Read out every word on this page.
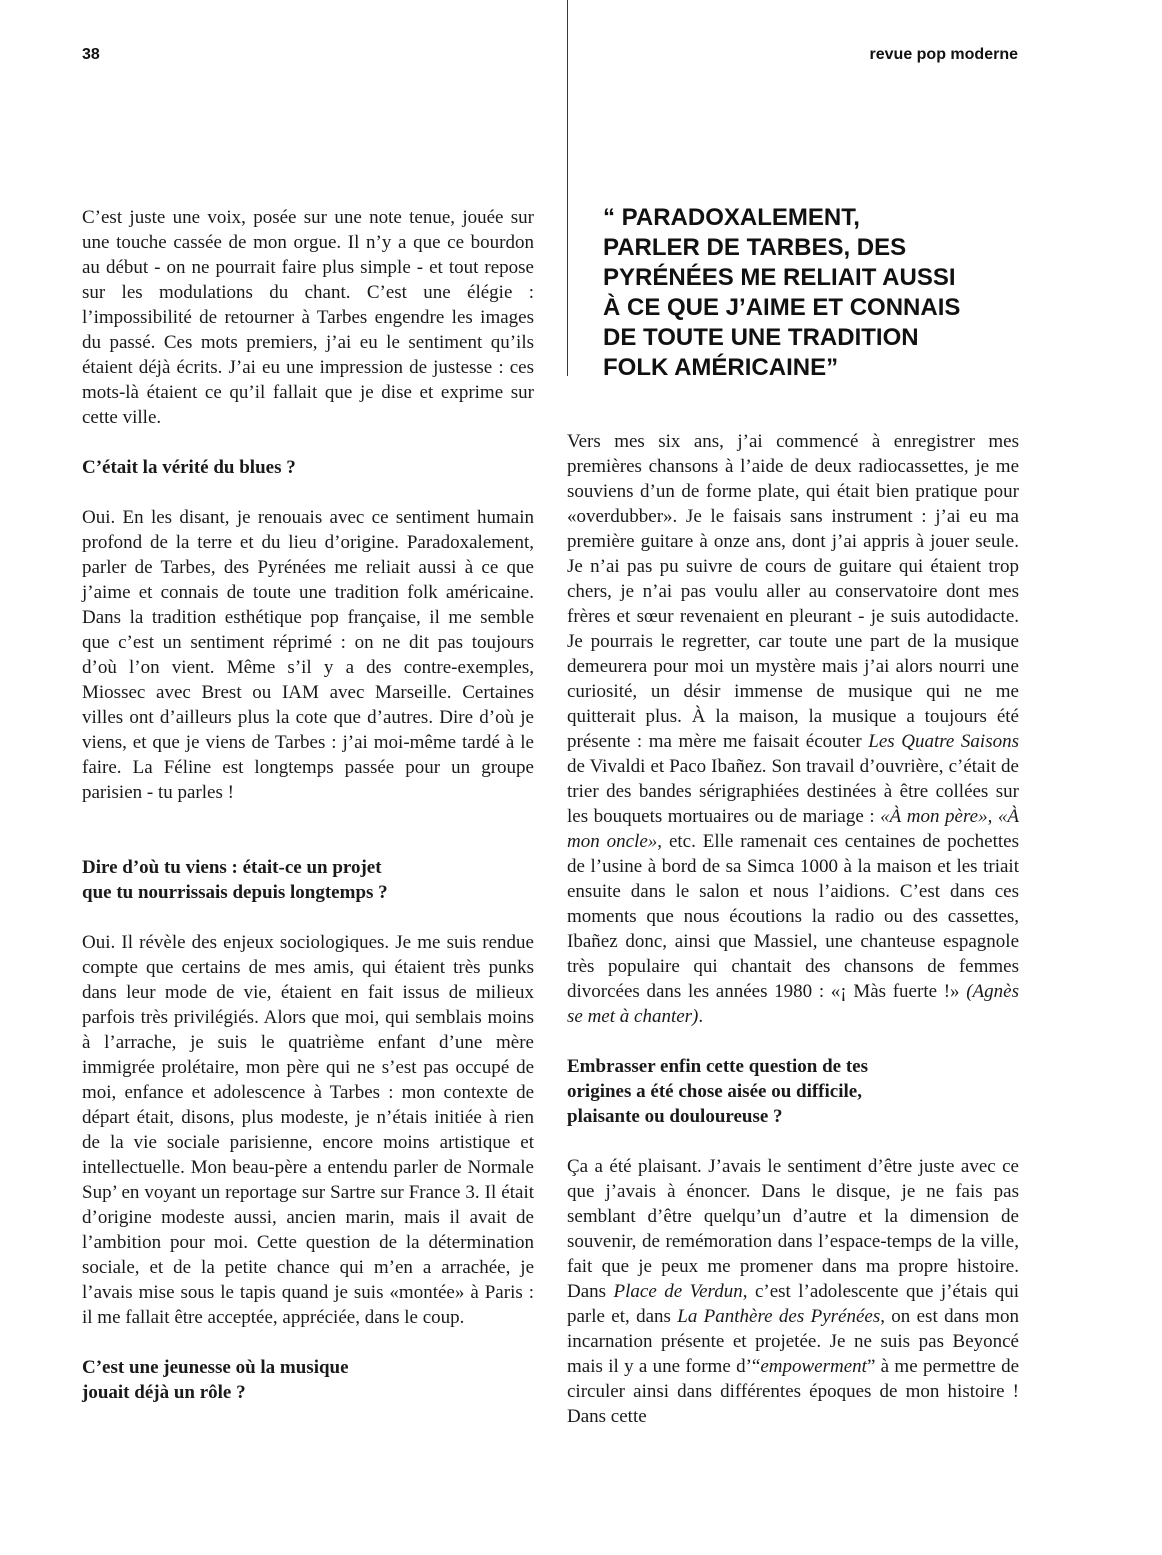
38	revue pop moderne

C’est juste une voix, posée sur une note tenue, jouée sur une touche cassée de mon orgue. Il n’y a que ce bourdon au début - on ne pourrait faire plus simple - et tout repose sur les modulations du chant. C’est une élégie : l’impossibilité de retourner à Tarbes engendre les images du passé. Ces mots premiers, j’ai eu le sentiment qu’ils étaient déjà écrits. J’ai eu une impression de justesse : ces mots-là étaient ce qu’il fallait que je dise et exprime sur cette ville.

C’était la vérité du blues ?

Oui. En les disant, je renouais avec ce sentiment humain profond de la terre et du lieu d’origine. Paradoxalement, parler de Tarbes, des Pyrénées me reliait aussi à ce que j’aime et connais de toute une tradition folk américaine. Dans la tradition esthétique pop française, il me semble que c’est un sentiment réprimé : on ne dit pas toujours d’où l’on vient. Même s’il y a des contre-exemples, Miossec avec Brest ou IAM avec Marseille. Certaines villes ont d’ailleurs plus la cote que d’autres. Dire d’où je viens, et que je viens de Tarbes : j’ai moi-même tardé à le faire. La Féline est longtemps passée pour un groupe parisien - tu parles !

Dire d’où tu viens : était-ce un projet
que tu nourrissais depuis longtemps ?

Oui. Il révèle des enjeux sociologiques. Je me suis rendue compte que certains de mes amis, qui étaient très punks dans leur mode de vie, étaient en fait issus de milieux parfois très privilégiés. Alors que moi, qui semblais moins à l’arrache, je suis le quatrième enfant d’une mère immigrée prolétaire, mon père qui ne s’est pas occupé de moi, enfance et adolescence à Tarbes : mon contexte de départ était, disons, plus modeste, je n’étais initiée à rien de la vie sociale parisienne, encore moins artistique et intellectuelle. Mon beau-père a entendu parler de Normale Sup’ en voyant un reportage sur Sartre sur France 3. Il était d’origine modeste aussi, ancien marin, mais il avait de l’ambition pour moi. Cette question de la détermination sociale, et de la petite chance qui m’en a arrachée, je l’avais mise sous le tapis quand je suis «montée» à Paris : il me fallait être acceptée, appréciée, dans le coup.

C’est une jeunesse où la musique
jouait déjà un rôle ?
“ PARADOXALEMENT,
PARLER DE TARBES, DES
PYRÉNÉES ME RELIAIT AUSSI
À CE QUE J’AIME ET CONNAIS
DE TOUTE UNE TRADITION
FOLK AMÉRICAINE”

Vers mes six ans, j’ai commencé à enregistrer mes premières chansons à l’aide de deux radiocassettes, je me souviens d’un de forme plate, qui était bien pratique pour «overdubber». Je le faisais sans instrument : j’ai eu ma première guitare à onze ans, dont j’ai appris à jouer seule. Je n’ai pas pu suivre de cours de guitare qui étaient trop chers, je n’ai pas voulu aller au conservatoire dont mes frères et sœur revenaient en pleurant - je suis autodidacte. Je pourrais le regretter, car toute une part de la musique demeurera pour moi un mystère mais j’ai alors nourri une curiosité, un désir immense de musique qui ne me quitterait plus. À la maison, la musique a toujours été présente : ma mère me faisait écouter Les Quatre Saisons de Vivaldi et Paco Ibañez. Son travail d’ouvrière, c’était de trier des bandes sérigraphiées destinées à être collées sur les bouquets mortuaires ou de mariage : «À mon père», «À mon oncle», etc. Elle ramenait ces centaines de pochettes de l’usine à bord de sa Simca 1000 à la maison et les triait ensuite dans le salon et nous l’aidions. C’est dans ces moments que nous écoutions la radio ou des cassettes, Ibañez donc, ainsi que Massiel, une chanteuse espagnole très populaire qui chantait des chansons de femmes divorcées dans les années 1980 : «¡ Màs fuerte !» (Agnès se met à chanter).

Embrasser enfin cette question de tes
origines a été chose aisée ou difficile,
plaisante ou douloureuse ?

Ça a été plaisant. J’avais le sentiment d’être juste avec ce que j’avais à énoncer. Dans le disque, je ne fais pas semblant d’être quelqu’un d’autre et la dimension de souvenir, de remémoration dans l’espace-temps de la ville, fait que je peux me promener dans ma propre histoire. Dans Place de Verdun, c’est l’adolescente que j’étais qui parle et, dans La Panthère des Pyrénées, on est dans mon incarnation présente et projetée. Je ne suis pas Beyoncé mais il y a une forme d’“empowerment” à me permettre de circuler ainsi dans différentes époques de mon histoire ! Dans cette
